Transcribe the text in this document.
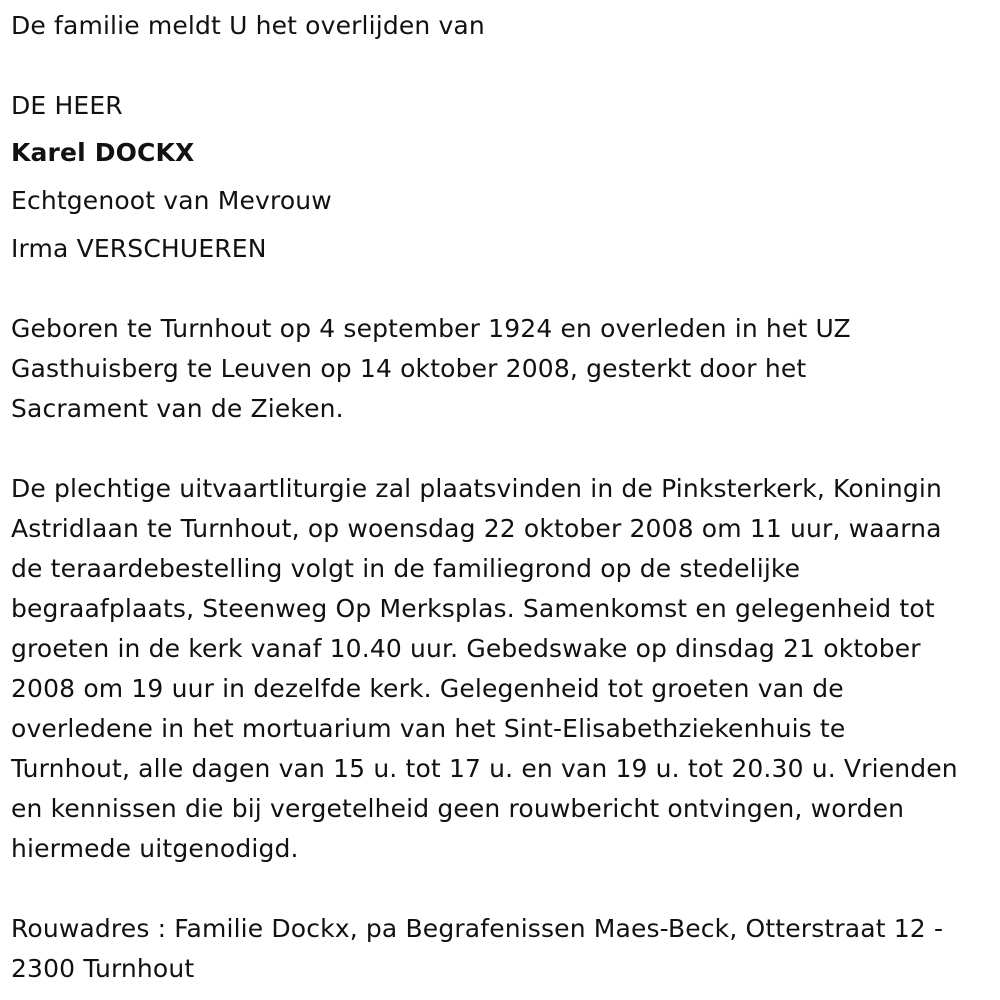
De familie meldt U het overlijden van
DE HEER
Karel DOCKX
Echtgenoot van Mevrouw
Irma VERSCHUEREN
Geboren te Turnhout op 4 september 1924 en overleden in het UZ
Gasthuisberg te Leuven op 14 oktober 2008, gesterkt door het
Sacrament van de Zieken.
De plechtige uitvaartliturgie zal plaatsvinden in de Pinksterkerk, Koningin
Astridlaan te Turnhout, op woensdag 22 oktober 2008 om 11 uur, waarna
de teraardebestelling volgt in de familiegrond op de stedelijke
begraafplaats, Steenweg Op Merksplas. Samenkomst en gelegenheid tot
groeten in de kerk vanaf 10.40 uur. Gebedswake op dinsdag 21 oktober
2008 om 19 uur in dezelfde kerk. Gelegenheid tot groeten van de
overledene in het mortuarium van het Sint-Elisabethziekenhuis te
Turnhout, alle dagen van 15 u. tot 17 u. en van 19 u. tot 20.30 u. Vrienden
en kennissen die bij vergetelheid geen rouwbericht ontvingen, worden
hiermede uitgenodigd.
Rouwadres : Familie Dockx, pa Begrafenissen Maes-Beck, Otterstraat 12 -
2300 Turnhout
